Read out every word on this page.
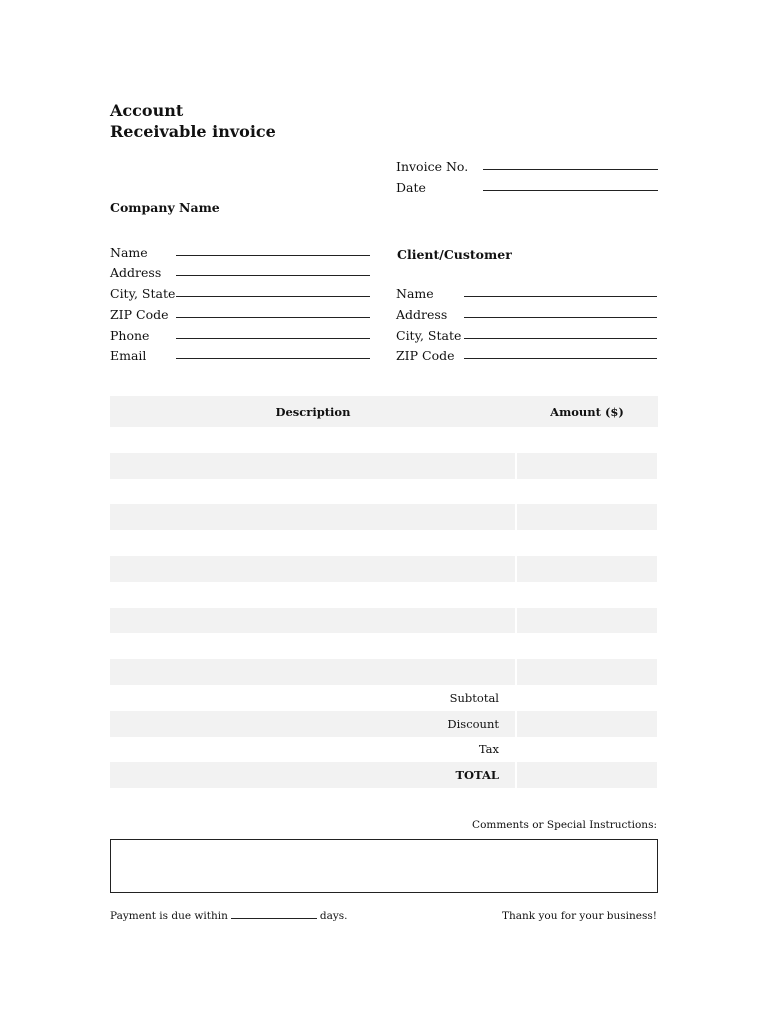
Account
Receivable invoice
Invoice No.
Date
Company Name
Name
Address
City, State
ZIP Code
Phone
Email
Client/Customer
Name
Address
City, State
ZIP Code
Description	Amount ($)

Subtotal	
Discount	
Tax	
TOTAL	
Comments or Special Instructions:
Payment is due within	days.	Thank you for your business!
